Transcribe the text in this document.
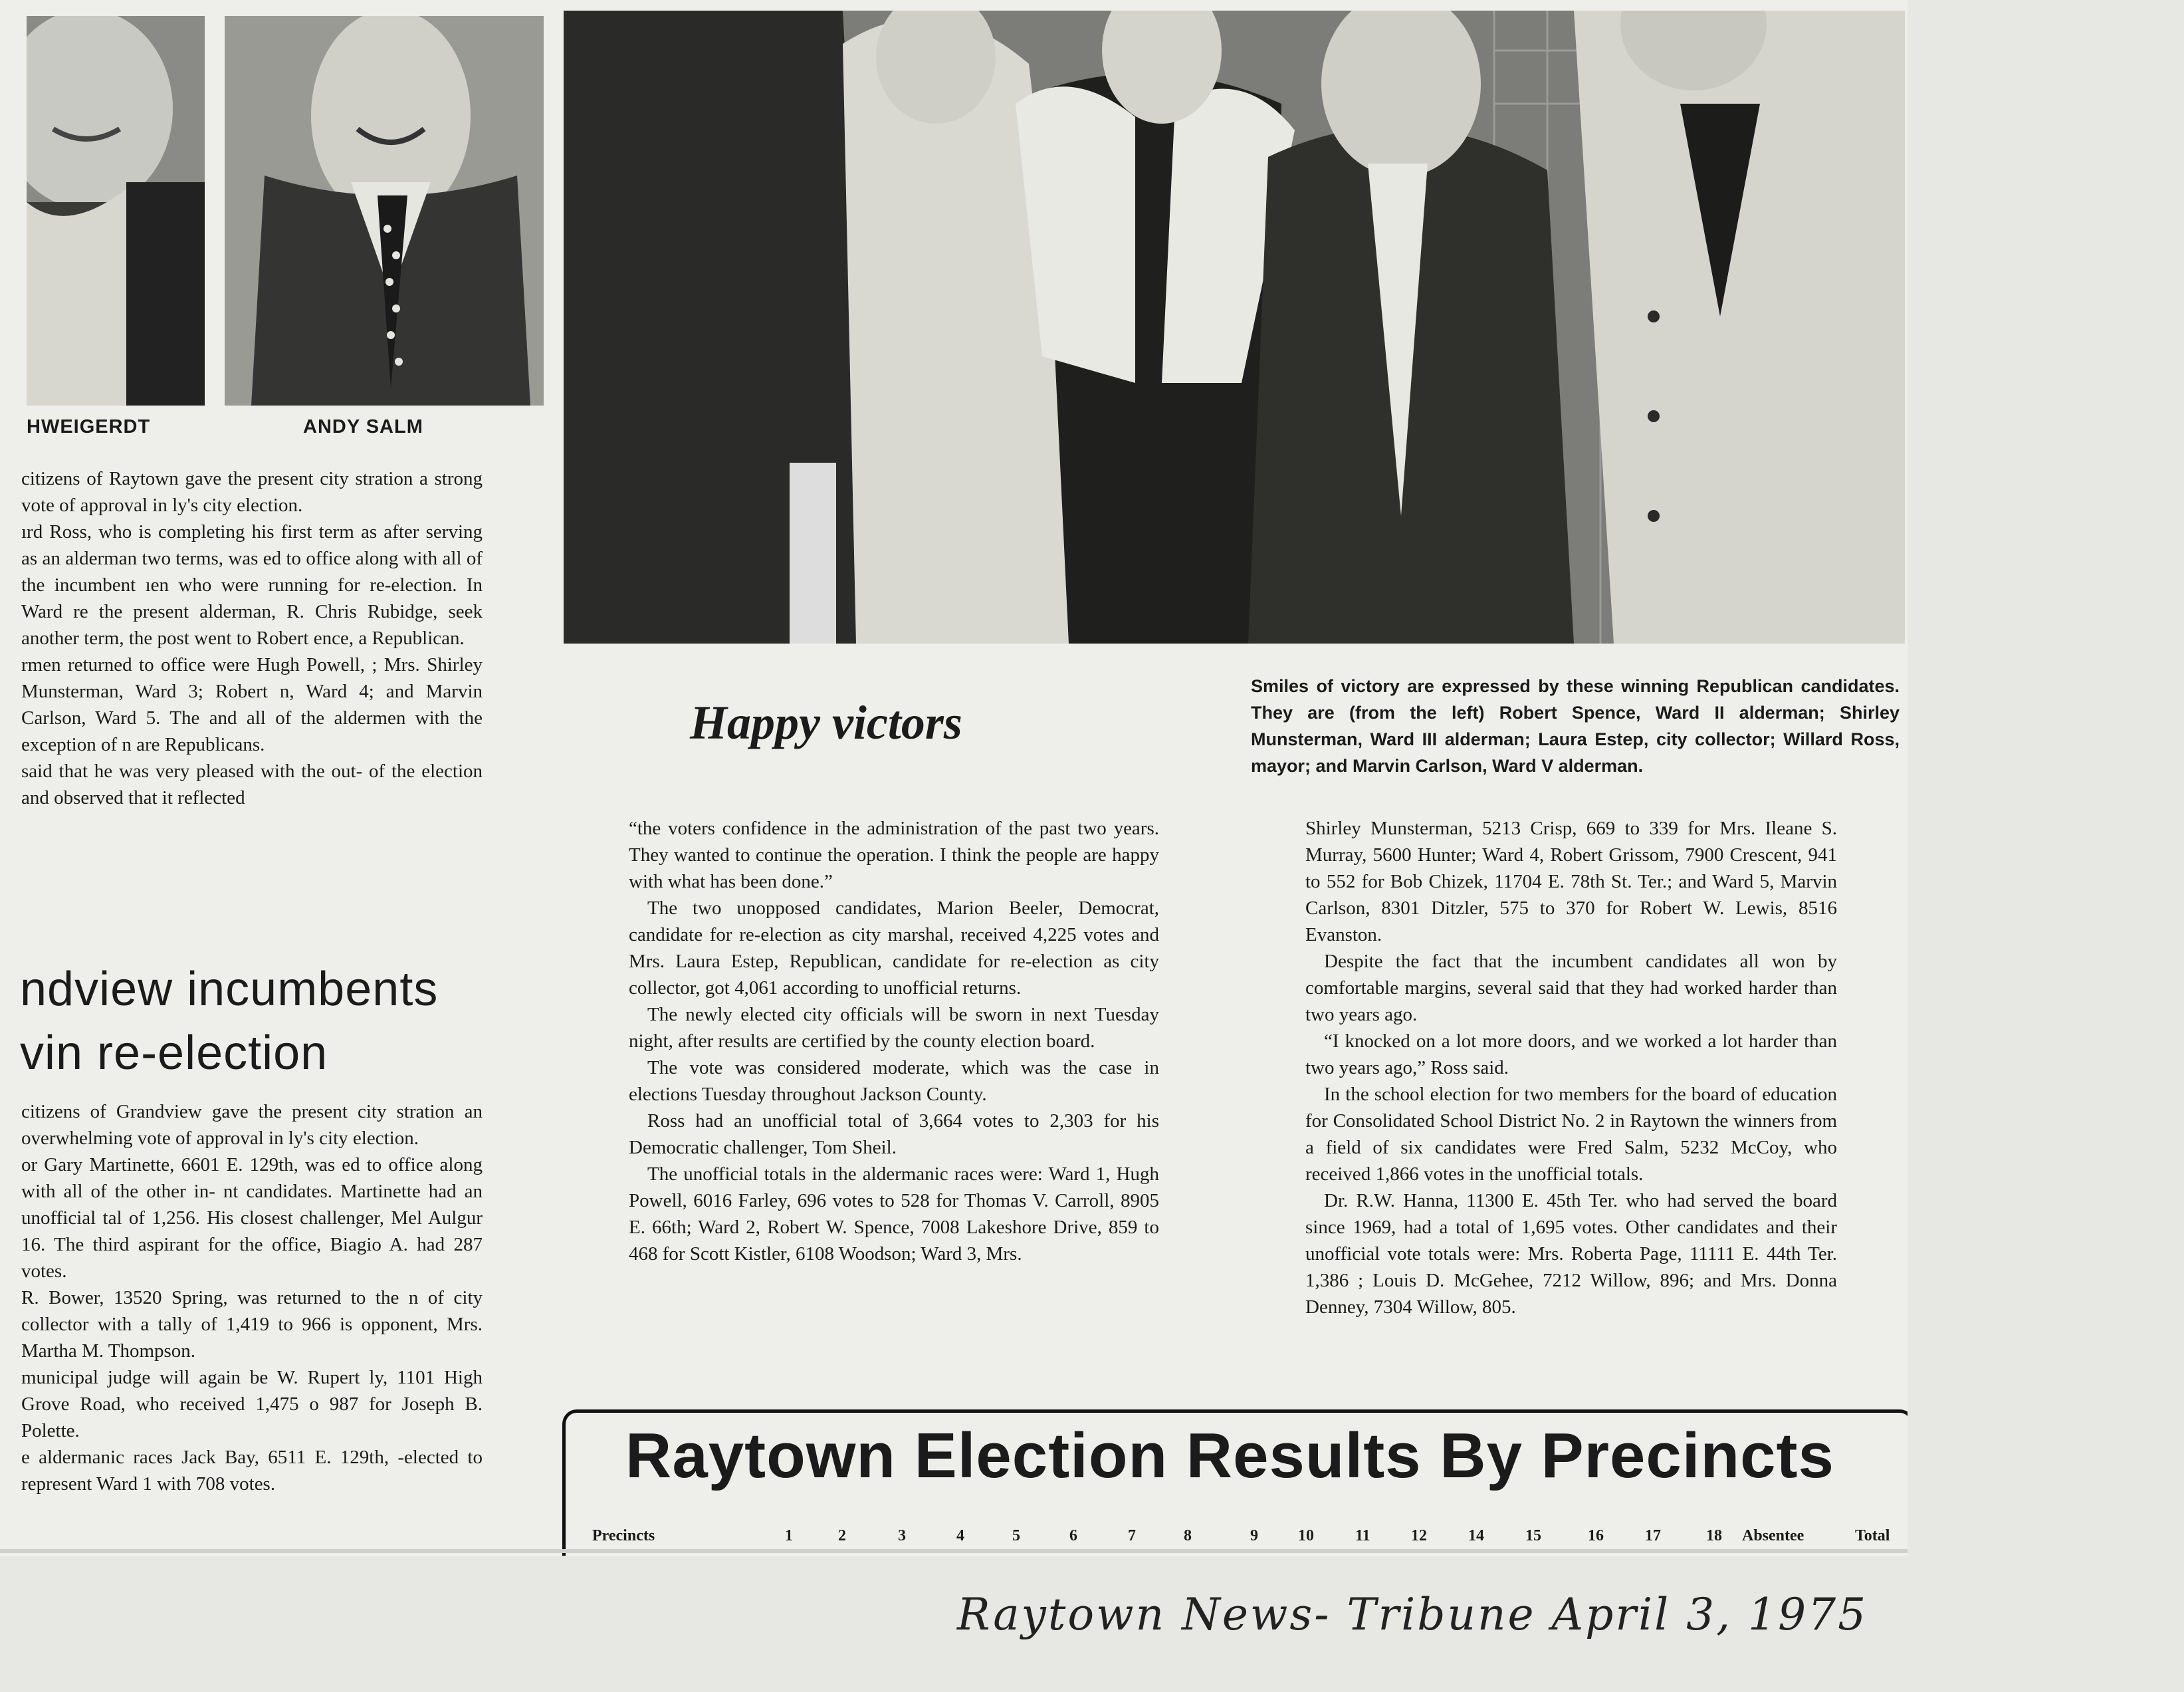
HWEIGERDT	ANDY SALM

citizens of Raytown gave the present city stration a strong vote of approval in ly's city election.

ırd Ross, who is completing his first term as after serving as an alderman two terms, was ed to office along with all of the incumbent ıen who were running for re-election. In Ward re the present alderman, R. Chris Rubidge, seek another term, the post went to Robert ence, a Republican.

rmen returned to office were Hugh Powell, ; Mrs. Shirley Munsterman, Ward 3; Robert n, Ward 4; and Marvin Carlson, Ward 5. The and all of the aldermen with the exception of n are Republicans.

said that he was very pleased with the out- of the election and observed that it reflected

ndview incumbents
vin re-election

citizens of Grandview gave the present city stration an overwhelming vote of approval in ly's city election.

or Gary Martinette, 6601 E. 129th, was ed to office along with all of the other in- nt candidates. Martinette had an unofficial tal of 1,256. His closest challenger, Mel Aulgur 16. The third aspirant for the office, Biagio A. had 287 votes.

R. Bower, 13520 Spring, was returned to the n of city collector with a tally of 1,419 to 966 is opponent, Mrs. Martha M. Thompson.

municipal judge will again be W. Rupert ly, 1101 High Grove Road, who received 1,475 o 987 for Joseph B. Polette.

e aldermanic races Jack Bay, 6511 E. 129th, -elected to represent Ward 1 with 708 votes.

Happy victors
Smiles of victory are expressed by these winning Republican candidates. They are (from the left) Robert Spence, Ward II alderman; Shirley Munsterman, Ward III alderman; Laura Estep, city collector; Willard Ross, mayor; and Marvin Carlson, Ward V alderman.

“the voters confidence in the administration of the past two years. They wanted to continue the operation. I think the people are happy with what has been done.”

The two unopposed candidates, Marion Beeler, Democrat, candidate for re-election as city marshal, received 4,225 votes and Mrs. Laura Estep, Republican, candidate for re-election as city collector, got 4,061 according to unofficial returns.

The newly elected city officials will be sworn in next Tuesday night, after results are certified by the county election board.

The vote was considered moderate, which was the case in elections Tuesday throughout Jackson County.

Ross had an unofficial total of 3,664 votes to 2,303 for his Democratic challenger, Tom Sheil.

The unofficial totals in the aldermanic races were: Ward 1, Hugh Powell, 6016 Farley, 696 votes to 528 for Thomas V. Carroll, 8905 E. 66th; Ward 2, Robert W. Spence, 7008 Lakeshore Drive, 859 to 468 for Scott Kistler, 6108 Woodson; Ward 3, Mrs.

Shirley Munsterman, 5213 Crisp, 669 to 339 for Mrs. Ileane S. Murray, 5600 Hunter; Ward 4, Robert Grissom, 7900 Crescent, 941 to 552 for Bob Chizek, 11704 E. 78th St. Ter.; and Ward 5, Marvin Carlson, 8301 Ditzler, 575 to 370 for Robert W. Lewis, 8516 Evanston.

Despite the fact that the incumbent candidates all won by comfortable margins, several said that they had worked harder than two years ago.

“I knocked on a lot more doors, and we worked a lot harder than two years ago,” Ross said.

In the school election for two members for the board of education for Consolidated School District No. 2 in Raytown the winners from a field of six candidates were Fred Salm, 5232 McCoy, who received 1,866 votes in the unofficial totals.

Dr. R.W. Hanna, 11300 E. 45th Ter. who had served the board since 1969, had a total of 1,695 votes. Other candidates and their unofficial vote totals were: Mrs. Roberta Page, 11111 E. 44th Ter. 1,386 ; Louis D. McGehee, 7212 Willow, 896; and Mrs. Donna Denney, 7304 Willow, 805.

Raytown Election Results By Precincts
Precincts	1	2	3	4	5	6	7	8	9	10	11	12	14	15	16	17	18 Absentee	Total
Raytown News- Tribune April 3, 1975
